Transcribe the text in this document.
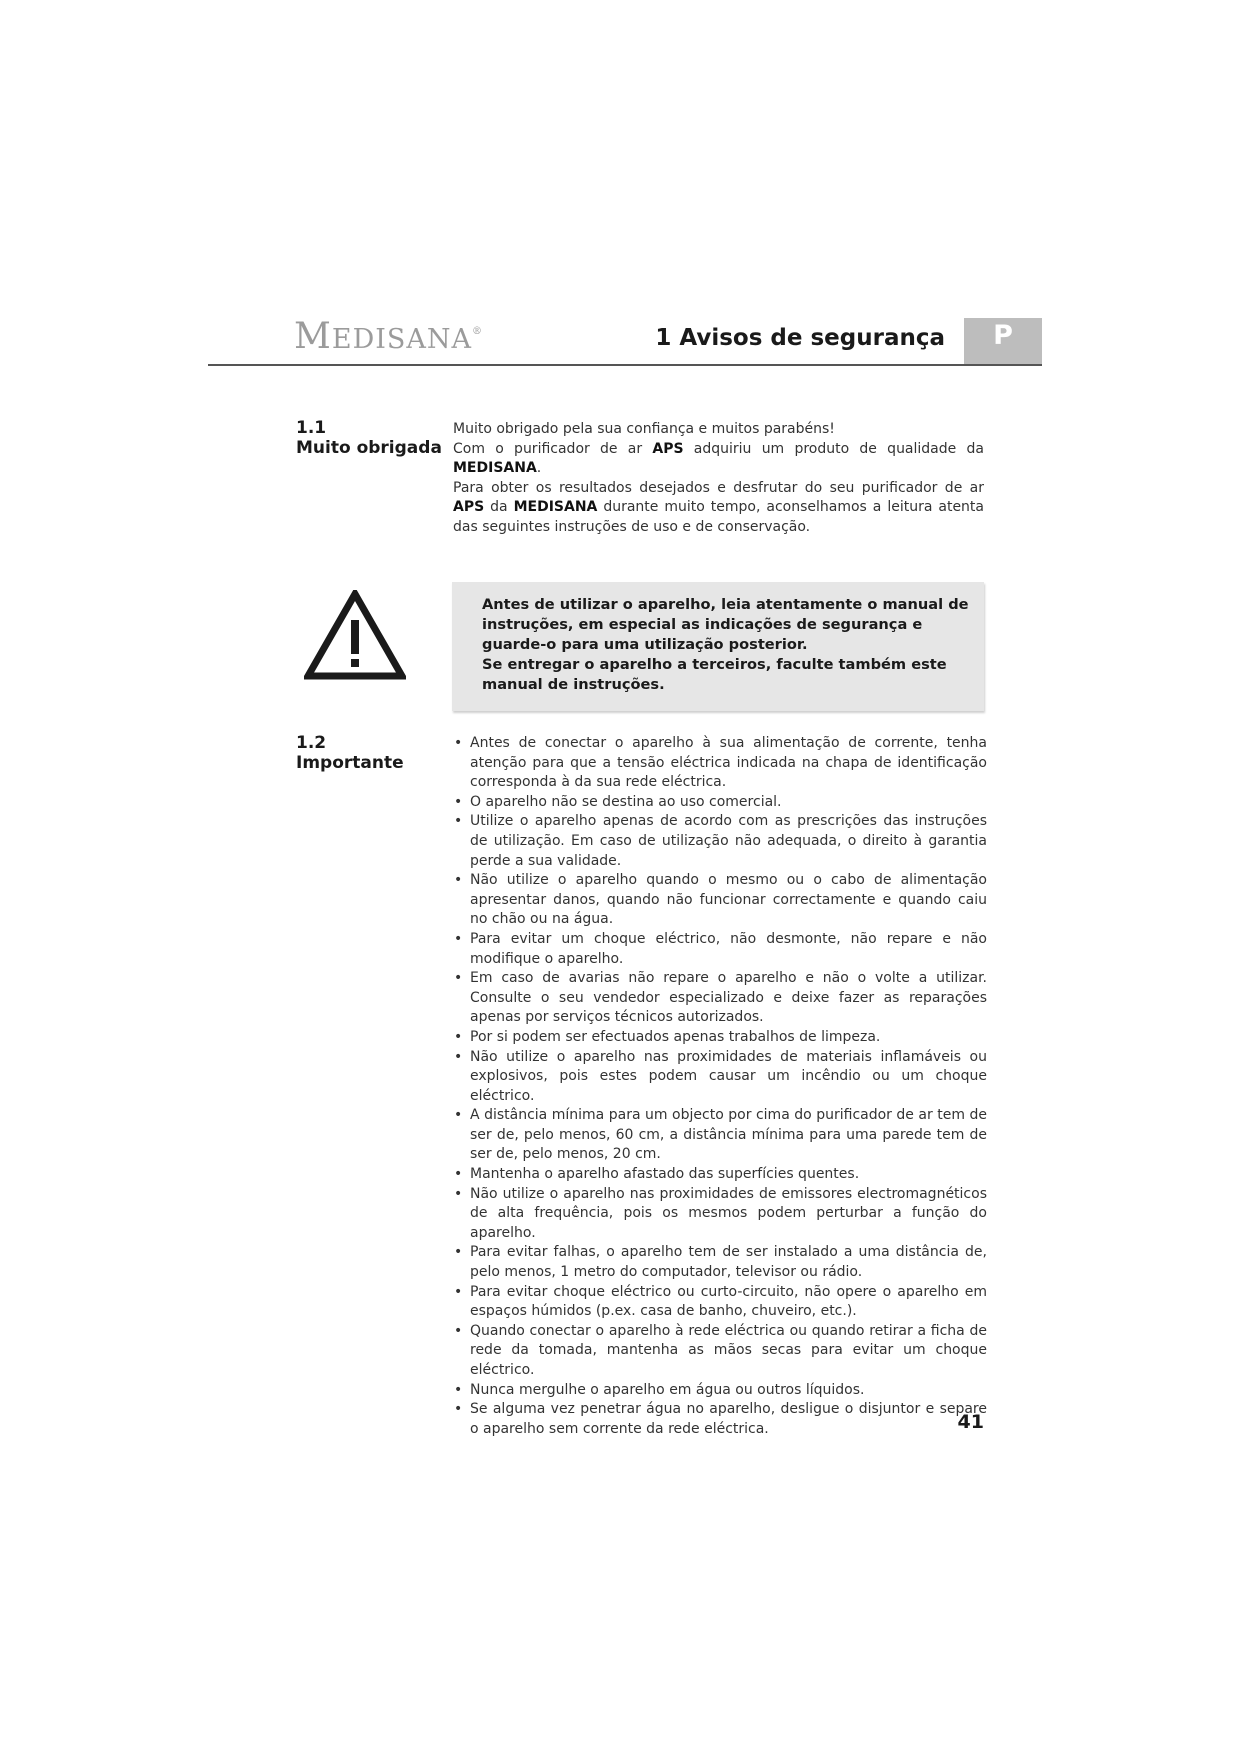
MEDISANA®	1 Avisos de segurança	P
1.1
Muito obrigada

Muito obrigado pela sua confiança e muitos parabéns!

Com o purificador de ar APS adquiriu um produto de qualidade da MEDISANA.

Para obter os resultados desejados e desfrutar do seu purificador de ar APS da MEDISANA durante muito tempo, aconselhamos a leitura atenta das seguintes instruções de uso e de conservação.

Antes de utilizar o aparelho, leia atentamente o manual de instruções, em especial as indicações de segurança e guarde-o para uma utilização posterior.

Se entregar o aparelho a terceiros, faculte também este manual de instruções.

1.2
Importante
• Antes de conectar o aparelho à sua alimentação de corrente, tenha atenção para que a tensão eléctrica indicada na chapa de identificação corresponda à da sua rede eléctrica.
• O aparelho não se destina ao uso comercial.
• Utilize o aparelho apenas de acordo com as prescrições das instruções de utilização. Em caso de utilização não adequada, o direito à garantia perde a sua validade.
• Não utilize o aparelho quando o mesmo ou o cabo de alimentação apresentar danos, quando não funcionar correctamente e quando caiu no chão ou na água.
• Para evitar um choque eléctrico, não desmonte, não repare e não modifique o aparelho.
• Em caso de avarias não repare o aparelho e não o volte a utilizar. Consulte o seu vendedor especializado e deixe fazer as reparações apenas por serviços técnicos autorizados.
• Por si podem ser efectuados apenas trabalhos de limpeza.
• Não utilize o aparelho nas proximidades de materiais inflamáveis ou explosivos, pois estes podem causar um incêndio ou um choque eléctrico.
• A distância mínima para um objecto por cima do purificador de ar tem de ser de, pelo menos, 60 cm, a distância mínima para uma parede tem de ser de, pelo menos, 20 cm.
• Mantenha o aparelho afastado das superfícies quentes.
• Não utilize o aparelho nas proximidades de emissores electromagnéticos de alta frequência, pois os mesmos podem perturbar a função do aparelho.
• Para evitar falhas, o aparelho tem de ser instalado a uma distância de, pelo menos, 1 metro do computador, televisor ou rádio.
• Para evitar choque eléctrico ou curto-circuito, não opere o aparelho em espaços húmidos (p.ex. casa de banho, chuveiro, etc.).
• Quando conectar o aparelho à rede eléctrica ou quando retirar a ficha de rede da tomada, mantenha as mãos secas para evitar um choque eléctrico.
• Nunca mergulhe o aparelho em água ou outros líquidos.
• Se alguma vez penetrar água no aparelho, desligue o disjuntor e separe o aparelho sem corrente da rede eléctrica.	41
